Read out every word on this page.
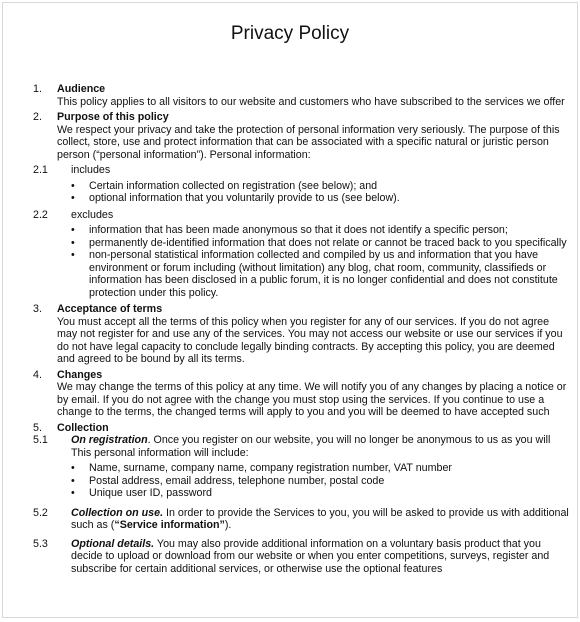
Privacy Policy
1.	Audience
This policy applies to all visitors to our website and customers who have subscribed to the services we offer
2.	Purpose of this policy
We respect your privacy and take the protection of personal information very seriously. The purpose of this collect, store, use and protect information that can be associated with a specific natural or juristic person person (“personal information”). Personal information:
2.1	includes
• Certain information collected on registration (see below); and
• optional information that you voluntarily provide to us (see below).
2.2	excludes
• information that has been made anonymous so that it does not identify a specific person;
• permanently de-identified information that does not relate or cannot be traced back to you specifically
• non-personal statistical information collected and compiled by us and information that you have environment or forum including (without limitation) any blog, chat room, community, classifieds or information has been disclosed in a public forum, it is no longer confidential and does not constitute protection under this policy.
3.	Acceptance of terms
You must accept all the terms of this policy when you register for any of our services. If you do not agree may not register for and use any of the services. You may not access our website or use our services if you do not have legal capacity to conclude legally binding contracts. By accepting this policy, you are deemed and agreed to be bound by all its terms.
4.	Changes
We may change the terms of this policy at any time. We will notify you of any changes by placing a notice or by email. If you do not agree with the change you must stop using the services. If you continue to use a change to the terms, the changed terms will apply to you and you will be deemed to have accepted such
5.	Collection
5.1	On registration. Once you register on our website, you will no longer be anonymous to us as you will This personal information will include:
• Name, surname, company name, company registration number, VAT number
• Postal address, email address, telephone number, postal code
• Unique user ID, password
5.2	Collection on use. In order to provide the Services to you, you will be asked to provide us with additional such as (“Service information”).
5.3	Optional details. You may also provide additional information on a voluntary basis product that you decide to upload or download from our website or when you enter competitions, surveys, register and subscribe for certain additional services, or otherwise use the optional features
